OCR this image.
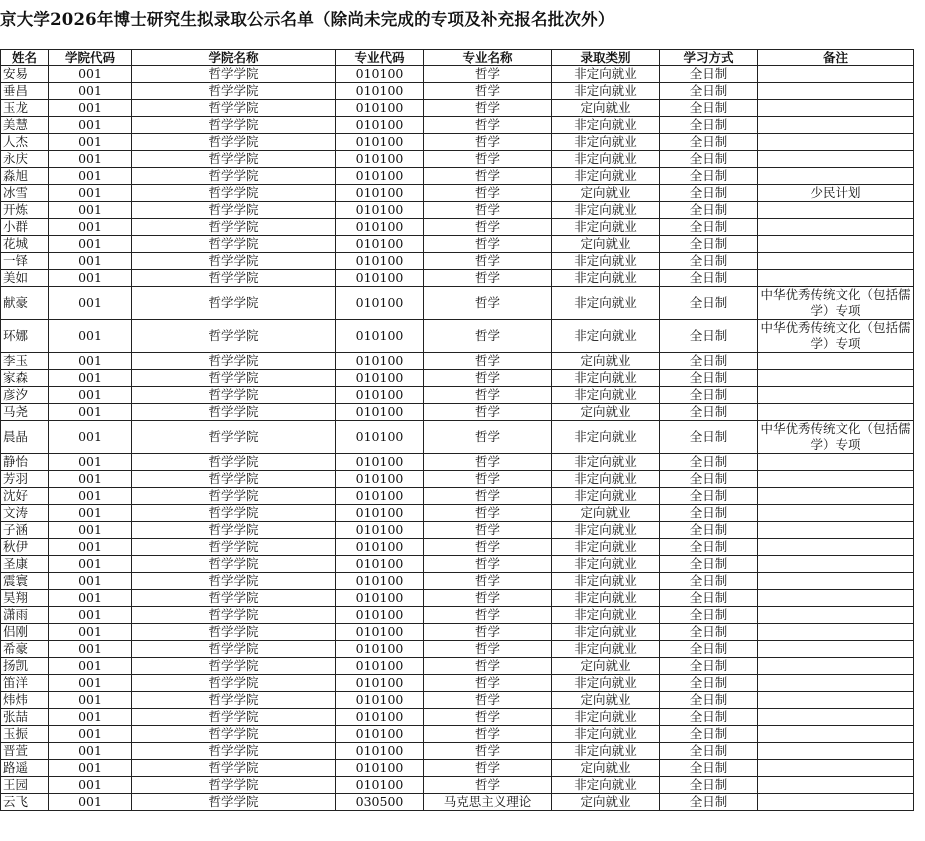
京大学2026年博士研究生拟录取公示名单（除尚未完成的专项及补充报名批次外）
姓名	学院代码	学院名称	专业代码	专业名称	录取类别	学习方式	备注
安易	001	哲学学院	010100	哲学	非定向就业	全日制	
垂昌	001	哲学学院	010100	哲学	非定向就业	全日制	
玉龙	001	哲学学院	010100	哲学	定向就业	全日制	
美慧	001	哲学学院	010100	哲学	非定向就业	全日制	
人杰	001	哲学学院	010100	哲学	非定向就业	全日制	
永庆	001	哲学学院	010100	哲学	非定向就业	全日制	
淼旭	001	哲学学院	010100	哲学	非定向就业	全日制	
冰雪	001	哲学学院	010100	哲学	定向就业	全日制	少民计划
开炼	001	哲学学院	010100	哲学	非定向就业	全日制	
小群	001	哲学学院	010100	哲学	非定向就业	全日制	
花城	001	哲学学院	010100	哲学	定向就业	全日制	
一铎	001	哲学学院	010100	哲学	非定向就业	全日制	
美如	001	哲学学院	010100	哲学	非定向就业	全日制	
献豪	001	哲学学院	010100	哲学	非定向就业	全日制	中华优秀传统文化（包括儒学）专项
环娜	001	哲学学院	010100	哲学	非定向就业	全日制	中华优秀传统文化（包括儒学）专项
李玉	001	哲学学院	010100	哲学	定向就业	全日制	
家森	001	哲学学院	010100	哲学	非定向就业	全日制	
彦汐	001	哲学学院	010100	哲学	非定向就业	全日制	
马尧	001	哲学学院	010100	哲学	定向就业	全日制	
晨晶	001	哲学学院	010100	哲学	非定向就业	全日制	中华优秀传统文化（包括儒学）专项
静怡	001	哲学学院	010100	哲学	非定向就业	全日制	
芳羽	001	哲学学院	010100	哲学	非定向就业	全日制	
沈好	001	哲学学院	010100	哲学	非定向就业	全日制	
文涛	001	哲学学院	010100	哲学	定向就业	全日制	
子涵	001	哲学学院	010100	哲学	非定向就业	全日制	
秋伊	001	哲学学院	010100	哲学	非定向就业	全日制	
圣康	001	哲学学院	010100	哲学	非定向就业	全日制	
震寰	001	哲学学院	010100	哲学	非定向就业	全日制	
昊翔	001	哲学学院	010100	哲学	非定向就业	全日制	
潇雨	001	哲学学院	010100	哲学	非定向就业	全日制	
侣刚	001	哲学学院	010100	哲学	非定向就业	全日制	
希豪	001	哲学学院	010100	哲学	非定向就业	全日制	
扬凯	001	哲学学院	010100	哲学	定向就业	全日制	
笛洋	001	哲学学院	010100	哲学	非定向就业	全日制	
炜炜	001	哲学学院	010100	哲学	定向就业	全日制	
张喆	001	哲学学院	010100	哲学	非定向就业	全日制	
玉振	001	哲学学院	010100	哲学	非定向就业	全日制	
晋萱	001	哲学学院	010100	哲学	非定向就业	全日制	
路遥	001	哲学学院	010100	哲学	定向就业	全日制	
王园	001	哲学学院	010100	哲学	非定向就业	全日制	
云飞	001	哲学学院	030500	马克思主义理论	定向就业	全日制	
